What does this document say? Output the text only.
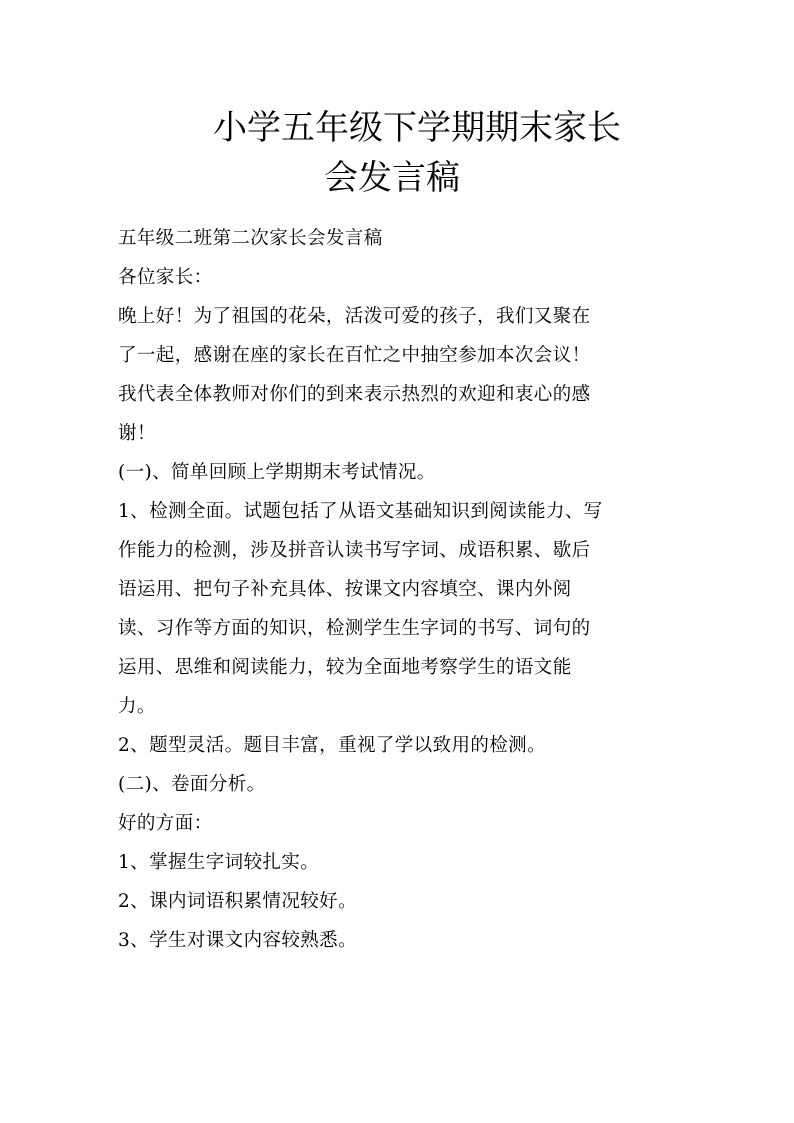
小学五年级下学期期末家长
会发言稿
五年级二班第二次家长会发言稿
各位家长：
晚上好！为了祖国的花朵，活泼可爱的孩子，我们又聚在
了一起，感谢在座的家长在百忙之中抽空参加本次会议！
我代表全体教师对你们的到来表示热烈的欢迎和衷心的感
谢！
(一)、简单回顾上学期期末考试情况。
1、检测全面。试题包括了从语文基础知识到阅读能力、写
作能力的检测，涉及拼音认读书写字词、成语积累、歇后
语运用、把句子补充具体、按课文内容填空、课内外阅
读、习作等方面的知识，检测学生生字词的书写、词句的
运用、思维和阅读能力，较为全面地考察学生的语文能
力。
2、题型灵活。题目丰富，重视了学以致用的检测。
(二)、卷面分析。
好的方面：
1、掌握生字词较扎实。
2、课内词语积累情况较好。
3、学生对课文内容较熟悉。
